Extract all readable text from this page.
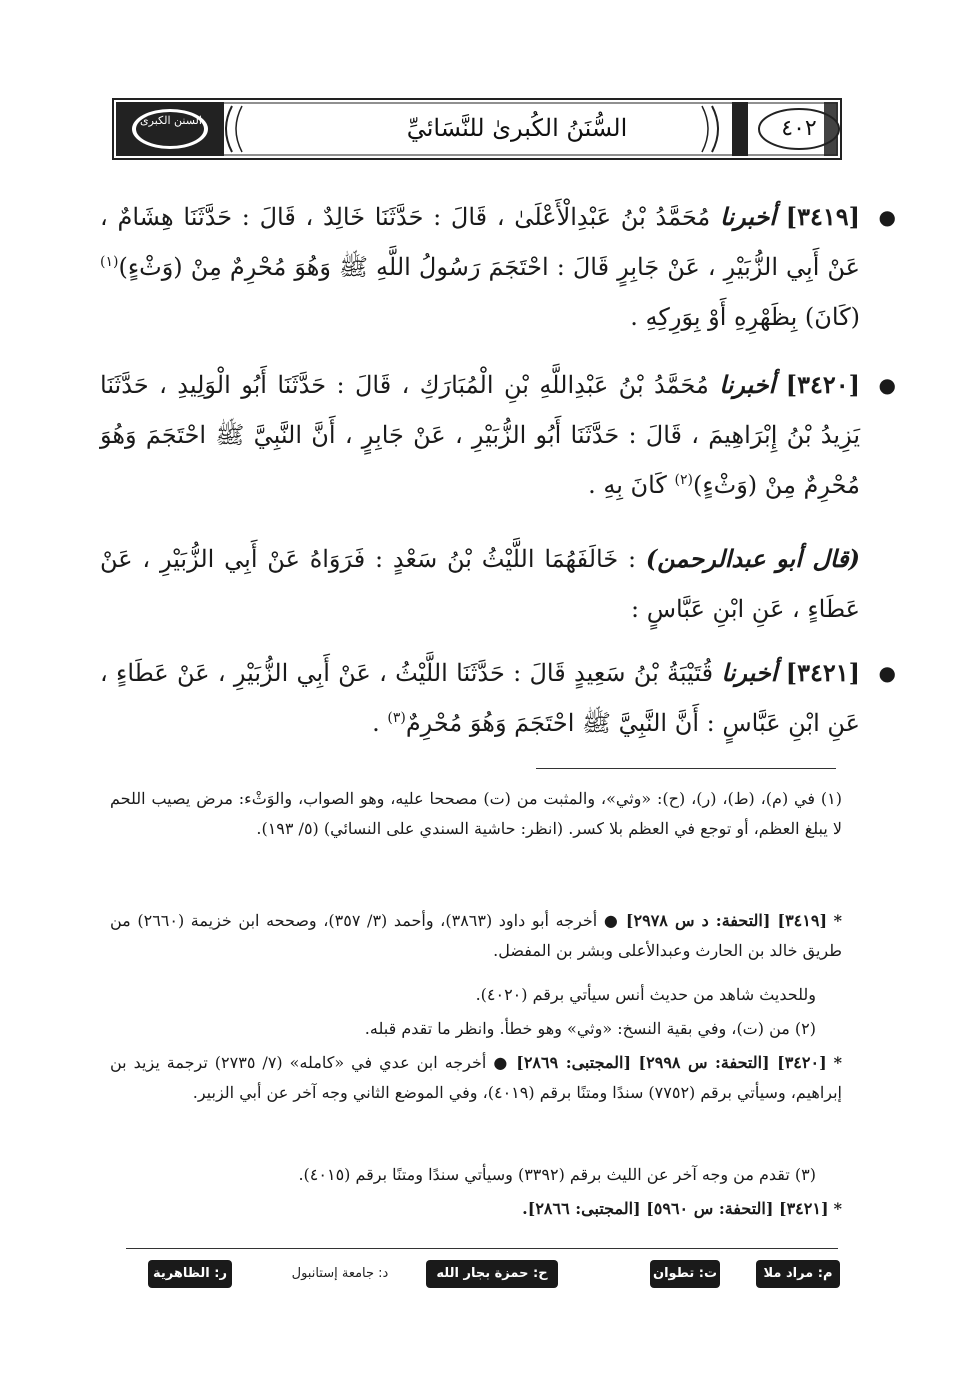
السنن الكبرى	السُّنَنُ الكُبرىٰ للنَّسَائيِّ	٤٠٢

●
[٣٤١٩] أخبرنا مُحَمَّدُ بْنُ عَبْدِالْأَعْلَىٰ ، قَالَ : حَدَّثَنَا خَالِدٌ ، قَالَ : حَدَّثَنَا هِشَامٌ ، عَنْ أَبِي الزُّبَيْرِ ، عَنْ جَابِرٍ قَالَ : احْتَجَمَ رَسُولُ اللَّهِ ﷺ وَهُوَ مُحْرِمٌ مِنْ (وَثْءٍ)$^{(١)}$ (كَانَ) بِظَهْرِهِ أَوْ بِوَرِكِهِ .

●
[٣٤٢٠] أخبرنا مُحَمَّدُ بْنُ عَبْدِاللَّهِ بْنِ الْمُبَارَكِ ، قَالَ : حَدَّثَنَا أَبُو الْوَلِيدِ ، حَدَّثَنَا يَزِيدُ بْنُ إِبْرَاهِيمَ ، قَالَ : حَدَّثَنَا أَبُو الزُّبَيْرِ ، عَنْ جَابِرٍ ، أَنَّ النَّبِيَّ ﷺ احْتَجَمَ وَهُوَ مُحْرِمٌ مِنْ (وَثْءٍ)$^{(٢)}$ كَانَ بِهِ .

(قال أبو عبدالرحمن) : خَالَفَهُمَا اللَّيْثُ بْنُ سَعْدٍ : فَرَوَاهُ عَنْ أَبِي الزُّبَيْرِ ، عَنْ عَطَاءٍ ، عَنِ ابْنِ عَبَّاسٍ :

●
[٣٤٢١] أخبرنا قُتَيْبَةُ بْنُ سَعِيدٍ قَالَ : حَدَّثَنَا اللَّيْثُ ، عَنْ أَبِي الزُّبَيْرِ ، عَنْ عَطَاءٍ ، عَنِ ابْنِ عَبَّاسٍ : أَنَّ النَّبِيَّ ﷺ احْتَجَمَ وَهُوَ مُحْرِمٌ$^{(٣)}$ .

(١) في (م)، (ط)، (ر)، (ح): «وثي»، والمثبت من (ت) مصححا عليه، وهو الصواب، والوَثْء: مرض يصيب اللحم لا يبلغ العظم، أو توجع في العظم بلا كسر. (انظر: حاشية السندي على النسائي) (٥/ ١٩٣).

* [٣٤١٩] [التحفة: د س ٢٩٧٨] ● أخرجه أبو داود (٣٨٦٣)، وأحمد (٣/ ٣٥٧)، وصححه ابن خزيمة (٢٦٦٠) من طريق خالد بن الحارث وعبدالأعلى وبشر بن المفضل.

وللحديث شاهد من حديث أنس سيأتي برقم (٤٠٢٠).

(٢) من (ت)، وفي بقية النسخ: «وثي» وهو خطأ. وانظر ما تقدم قبله.

* [٣٤٢٠] [التحفة: س ٢٩٩٨] [المجتبى: ٢٨٦٩] ● أخرجه ابن عدي في «كامله» (٧/ ٢٧٣٥) ترجمة يزيد بن إبراهيم، وسيأتي برقم (٧٧٥٢) سندًا ومتنًا برقم (٤٠١٩)، وفي الموضع الثاني وجه آخر عن أبي الزبير.

(٣) تقدم من وجه آخر عن الليث برقم (٣٣٩٢) وسيأتي سندًا ومتنًا برقم (٤٠١٥).

* [٣٤٢١] [التحفة: س ٥٩٦٠] [المجتبى: ٢٨٦٦].

م: مراد ملا
ت: تطوان
ح: حمزة بجار الله
د: جامعة إستانبول
ر: الظاهرية
